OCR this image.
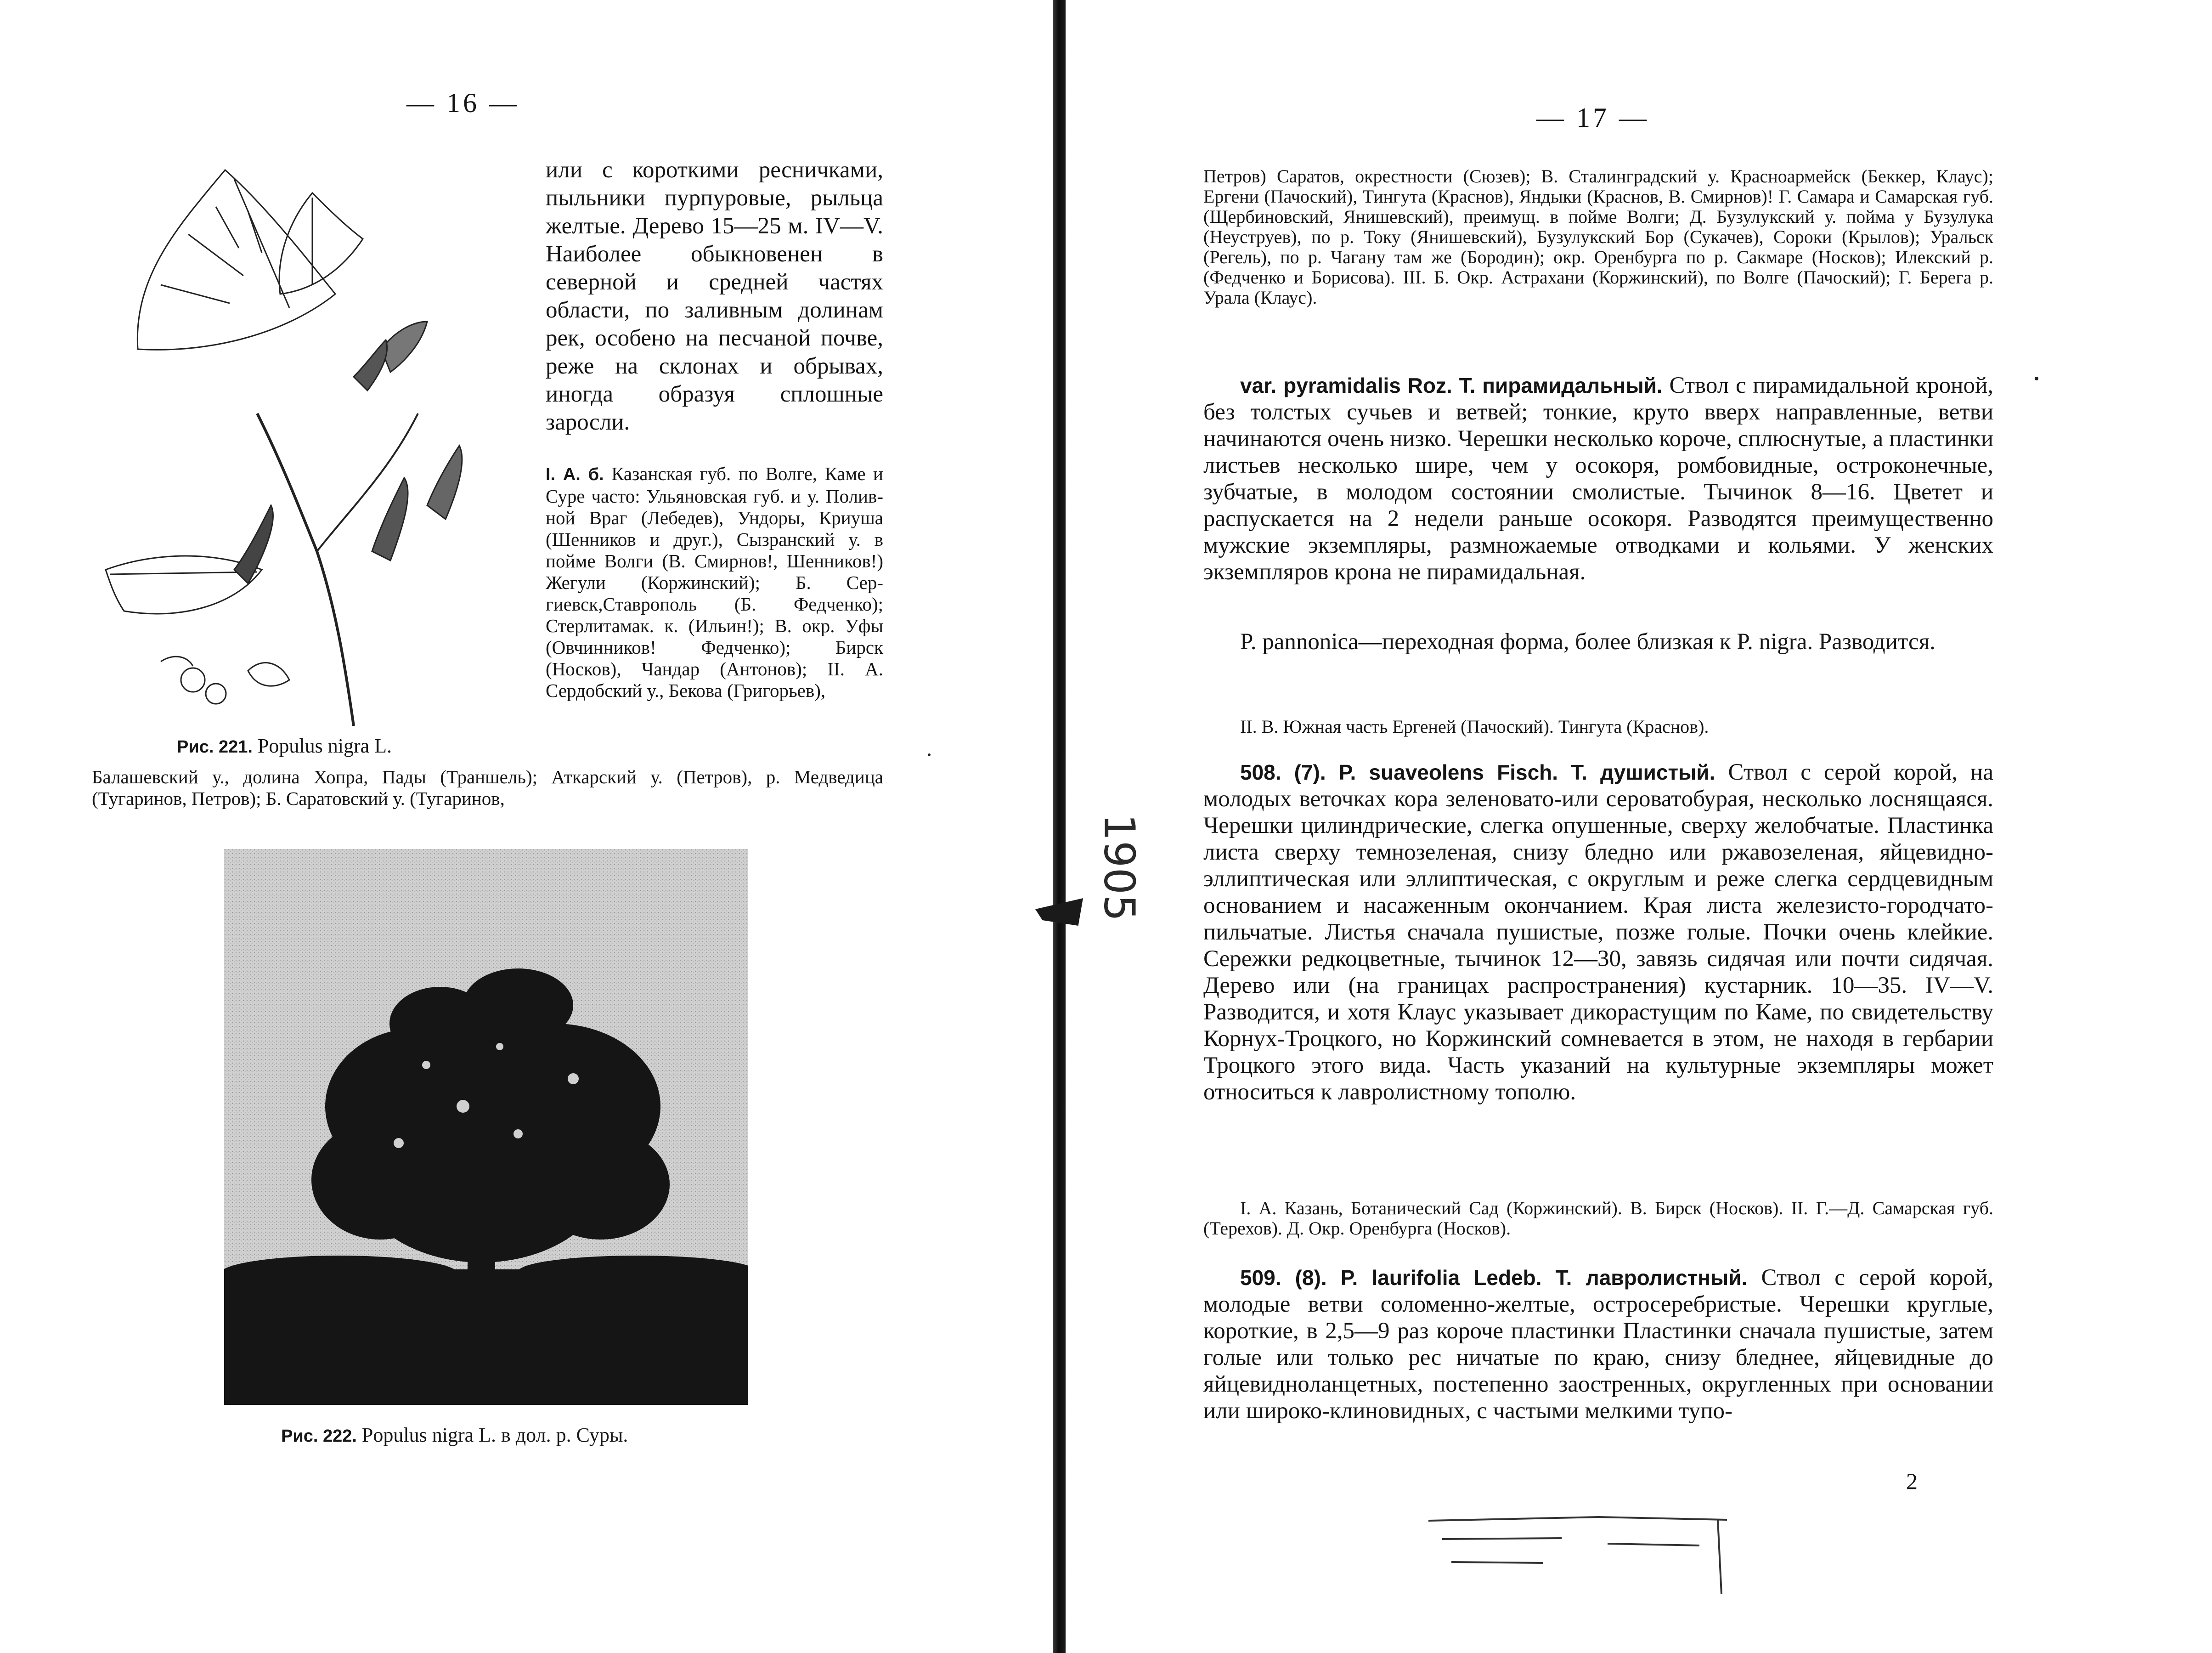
1905
— 16 —
или с короткими ресничками, пыльники пурпуровые, рыльца желтые. Дерево 15—25 м. IV—V. Наиболее обыкновенен в северной и средней частях области, по заливным долинам рек, особено на песчаной почве, реже на склонах и обрывах, иногда образуя сплошные заросли.
I. А. б. Казанская губ. по Волге, Каме и Суре часто: Ульяновская губ. и у. Поливной Враг (Лебедев), Ундоры, Криуша (Шенников и друг.), Сызранский у. в пойме Волги (В. Смирнов!, Шенников!) Жегули (Коржинский); Б. Сергиевск,Ставрополь (Б. Федченко); Стерлитамак. к. (Ильин!); В. окр. Уфы (Овчинников! Федченко); Бирск (Носков), Чандар (Антонов); II. А. Сердобский у., Бекова (Григорьев),
Рис. 221. Populus nigra L.
Балашевский у., долина Хопра, Пады (Траншель); Аткарский у. (Петров), р. Медведица (Тугаринов, Петров); Б. Саратовский у. (Тугаринов,
Рис. 222. Populus nigra L. в дол. р. Суры.
— 17 —
Петров) Саратов, окрестности (Сюзев); В. Сталинградский у. Красноармейск (Беккер, Клаус); Ергени (Пачоский), Тингута (Краснов), Яндыки (Краснов, В. Смирнов)! Г. Самара и Самарская губ. (Щербиновский, Янишевский), преимущ. в пойме Волги; Д. Бузулукский у. пойма у Бузулука (Неуструев), по р. Току (Янишевский), Бузулукский Бор (Сукачев), Сороки (Крылов); Уральск (Регель), по р. Чагану там же (Бородин); окр. Оренбурга по р. Сакмаре (Носков); Илекский р. (Федченко и Борисова). III. Б. Окр. Астрахани (Коржинский), по Волге (Пачоский); Г. Берега р. Урала (Клаус).
var. pyramidalis Roz. Т. пирамидальный. Ствол с пирамидальной кроной, без толстых сучьев и ветвей; тонкие, круто вверх направленные, ветви начинаются очень низко. Черешки несколько короче, сплюснутые, а пластинки листьев несколько шире, чем у осокоря, ромбовидные, остроконечные, зубчатые, в молодом состоянии смолистые. Тычинок 8—16. Цветет и распускается на 2 недели раньше осокоря. Разводятся преимущественно мужские экземпляры, размножаемые отводками и кольями. У женских экземпляров крона не пирамидальная.
P. pannonica—переходная форма, более близкая к P. nigra. Разводится.
II. В. Южная часть Ергеней (Пачоский). Тингута (Краснов).
508. (7). P. suaveolens Fisch. Т. душистый. Ствол с серой корой, на молодых веточках кора зеленовато-или сероватoбурая, несколько лоснящаяся. Черешки цилиндрические, слегка опушенные, сверху желобчатые. Пластинка листа сверху темнозеленая, снизу бледно или ржавозеленая, яйцевидно-эллиптическая или эллиптическая, с округлым и реже слегка сердцевидным основанием и насаженным окончанием. Края листа железисто-городчато-пильчатые. Листья сначала пушистые, позже голые. Почки очень клейкие. Сережки редкоцветные, тычинок 12—30, завязь сидячая или почти сидячая. Дерево или (на границах распространения) кустарник. 10—35. IV—V. Разводится, и хотя Клаус указывает дикорастущим по Каме, по свидетельству Корнух-Троцкого, но Коржинский сомневается в этом, не находя в гербарии Троцкого этого вида. Часть указаний на культурные экземпляры может относиться к лавролистному тополю.
I. А. Казань, Ботанический Сад (Коржинский). В. Бирск (Носков). II. Г.—Д. Самарская губ. (Терехов). Д. Окр. Оренбурга (Носков).
509. (8). P. laurifolia Ledeb. Т. лавролистный. Ствол с серой корой, молодые ветви соломенно-желтые, остросеребристые. Черешки круглые, короткие, в 2,5—9 раз короче пластинки Пластинки сначала пушистые, затем голые или только рес ничатые по краю, снизу бледнее, яйцевидные до яйцевиднoланцетных, постепенно заостренных, округленных при основании или широко-клиновидных, с частыми мелкими тупо-
2
